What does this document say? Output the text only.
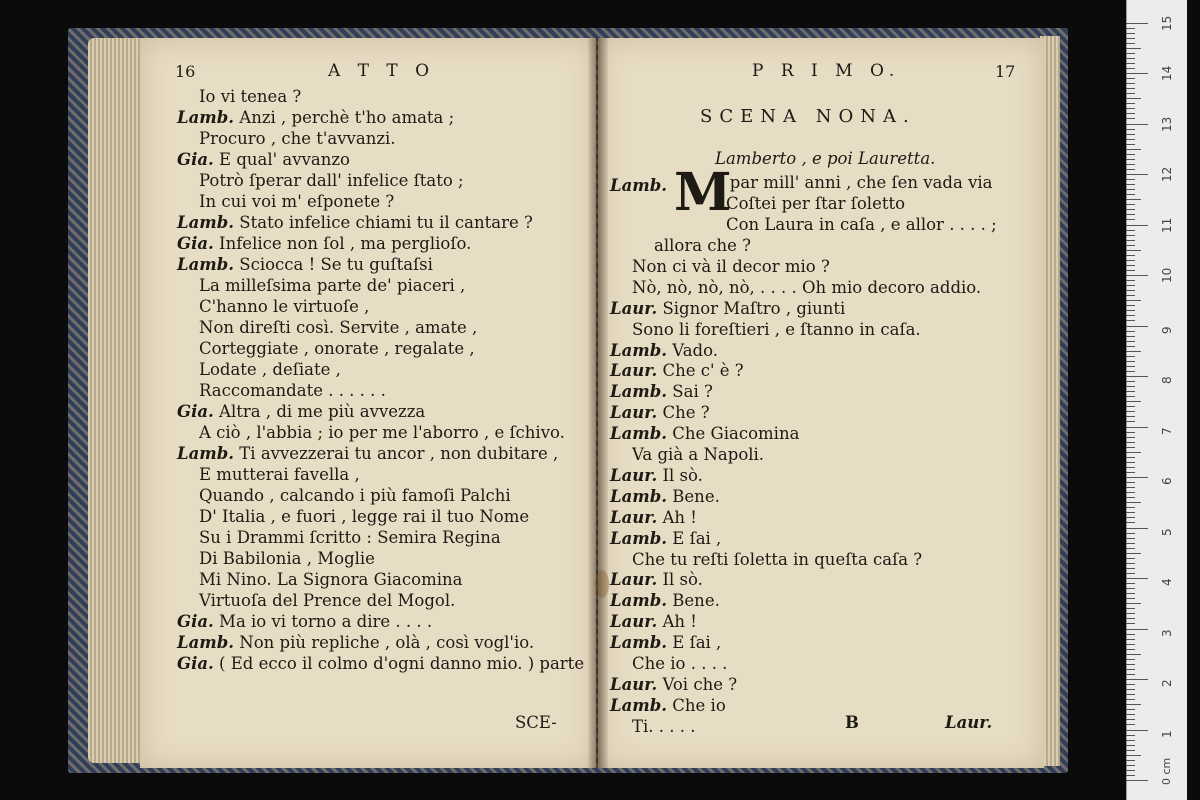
16	A T T O
Io vi tenea ?
Lamb. Anzi , perchè t'ho amata ;
Procuro , che t'avvanzi.
Gia. E qual' avvanzo
Potrò ſperar dall' infelice ſtato ;
In cui voi m' eſponete ?
Lamb. Stato infelice chiami tu il cantare ?
Gia. Infelice non ſol , ma perglioſo.
Lamb. Sciocca ! Se tu guſtaſsi
La milleſsima parte de' piaceri ,
C'hanno le virtuoſe ,
Non direſti così. Servite , amate ,
Corteggiate , onorate , regalate ,
Lodate , deſiate ,
Raccomandate . . . . . .
Gia. Altra , di me più avvezza
A ciò , l'abbia ; io per me l'aborro , e ſchivo.
Lamb. Ti avvezzerai tu ancor , non dubitare ,
E mutterai favella ,
Quando , calcando i più famoſi Palchi
D' Italia , e fuori , legge rai il tuo Nome
Su i Drammi ſcritto : Semira Regina
Di Babilonia , Moglie
Mi Nino. La Signora Giacomina
Virtuoſa del Prence del Mogol.
Gia. Ma io vi torno a dire . . . .
Lamb. Non più repliche , olà , così vogl'io.
Gia. ( Ed ecco il colmo d'ogni danno mio. ) parte
SCE-
P R I M O.	17
SCENA NONA.
Lamberto , e poi Lauretta.
Lamb. M
I par mill' anni , che ſen vada via
Coſtei per ſtar ſoletto
Con Laura in caſa , e allor . . . . ;
allora che ?
Non ci và il decor mio ?
Nò, nò, nò, nò, . . . . Oh mio decoro addio.
Laur. Signor Maſtro , giunti
Sono li foreſtieri , e ſtanno in caſa.
Lamb. Vado.
Laur. Che c' è ?
Lamb. Sai ?
Laur. Che ?
Lamb. Che Giacomina
Va già a Napoli.
Laur. Il sò.
Lamb. Bene.
Laur. Ah !
Lamb. E ſai ,
Che tu reſti ſoletta in queſta caſa ?
Laur. Il sò.
Lamb. Bene.
Laur. Ah !
Lamb. E ſai ,
Che io . . . .
Laur. Voi che ?
Lamb. Che io
Ti. . . . .	B	Laur.
1
2
3
4
5
6
7
8
9
10
11
12
13
14
15
0 cm
